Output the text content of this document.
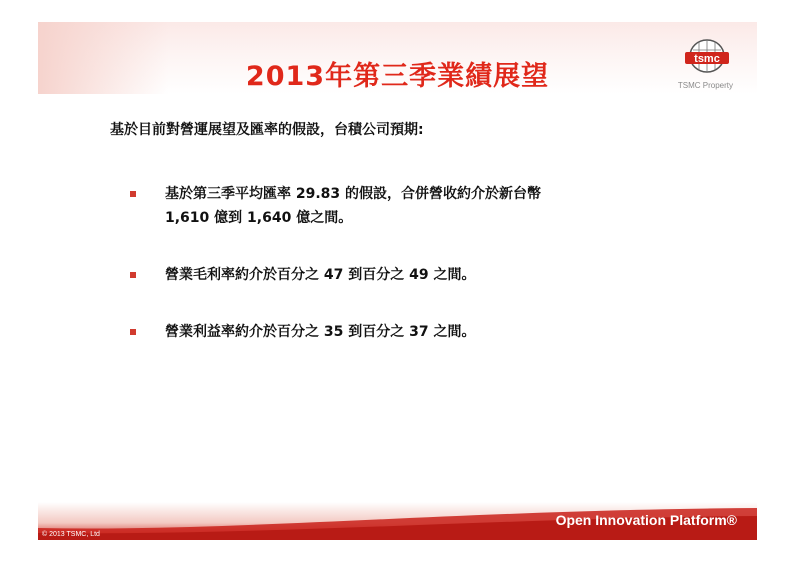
2013年第三季業績展望
tsmc
TSMC Property
基於目前對營運展望及匯率的假設，台積公司預期:
基於第三季平均匯率 29.83 的假設，合併營收約介於新台幣
1,610 億到 1,640 億之間。
營業毛利率約介於百分之 47 到百分之 49 之間。
營業利益率約介於百分之 35 到百分之 37 之間。
Open Innovation Platform®
© 2013 TSMC, Ltd
